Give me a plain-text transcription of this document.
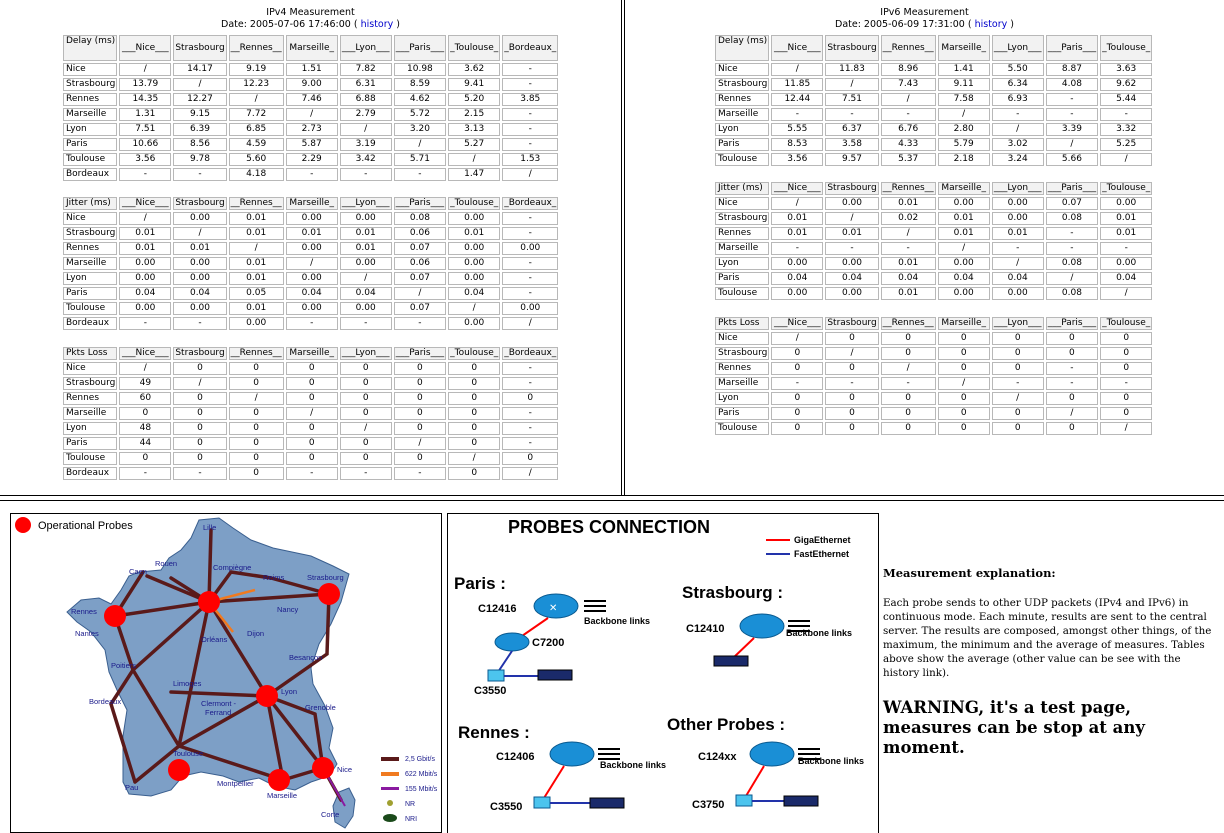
IPv4 Measurement
Date: 2005-07-06 17:46:00 ( history )
Delay (ms)	___Nice___	Strasbourg	__Rennes__	Marseille_	___Lyon___	___Paris___	_Toulouse_	_Bordeaux_
Nice	/	14.17	9.19	1.51	7.82	10.98	3.62	-
Strasbourg	13.79	/	12.23	9.00	6.31	8.59	9.41	-
Rennes	14.35	12.27	/	7.46	6.88	4.62	5.20	3.85
Marseille	1.31	9.15	7.72	/	2.79	5.72	2.15	-
Lyon	7.51	6.39	6.85	2.73	/	3.20	3.13	-
Paris	10.66	8.56	4.59	5.87	3.19	/	5.27	-
Toulouse	3.56	9.78	5.60	2.29	3.42	5.71	/	1.53
Bordeaux	-	-	4.18	-	-	-	1.47	/
Jitter (ms)	___Nice___	Strasbourg	__Rennes__	Marseille_	___Lyon___	___Paris___	_Toulouse_	_Bordeaux_
Nice	/	0.00	0.01	0.00	0.00	0.08	0.00	-
Strasbourg	0.01	/	0.01	0.01	0.01	0.06	0.01	-
Rennes	0.01	0.01	/	0.00	0.01	0.07	0.00	0.00
Marseille	0.00	0.00	0.01	/	0.00	0.06	0.00	-
Lyon	0.00	0.00	0.01	0.00	/	0.07	0.00	-
Paris	0.04	0.04	0.05	0.04	0.04	/	0.04	-
Toulouse	0.00	0.00	0.01	0.00	0.00	0.07	/	0.00
Bordeaux	-	-	0.00	-	-	-	0.00	/
Pkts Loss	___Nice___	Strasbourg	__Rennes__	Marseille_	___Lyon___	___Paris___	_Toulouse_	_Bordeaux_
Nice	/	0	0	0	0	0	0	-
Strasbourg	49	/	0	0	0	0	0	-
Rennes	60	0	/	0	0	0	0	0
Marseille	0	0	0	/	0	0	0	-
Lyon	48	0	0	0	/	0	0	-
Paris	44	0	0	0	0	/	0	-
Toulouse	0	0	0	0	0	0	/	0
Bordeaux	-	-	0	-	-	-	0	/
IPv6 Measurement
Date: 2005-06-09 17:31:00 ( history )
Delay (ms)	___Nice___	Strasbourg	__Rennes__	Marseille_	___Lyon___	___Paris___	_Toulouse_
Nice	/	11.83	8.96	1.41	5.50	8.87	3.63
Strasbourg	11.85	/	7.43	9.11	6.34	4.08	9.62
Rennes	12.44	7.51	/	7.58	6.93	-	5.44
Marseille	-	-	-	/	-	-	-
Lyon	5.55	6.37	6.76	2.80	/	3.39	3.32
Paris	8.53	3.58	4.33	5.79	3.02	/	5.25
Toulouse	3.56	9.57	5.37	2.18	3.24	5.66	/
Jitter (ms)	___Nice___	Strasbourg	__Rennes__	Marseille_	___Lyon___	___Paris___	_Toulouse_
Nice	/	0.00	0.01	0.00	0.00	0.07	0.00
Strasbourg	0.01	/	0.02	0.01	0.00	0.08	0.01
Rennes	0.01	0.01	/	0.01	0.01	-	0.01
Marseille	-	-	-	/	-	-	-
Lyon	0.00	0.00	0.01	0.00	/	0.08	0.00
Paris	0.04	0.04	0.04	0.04	0.04	/	0.04
Toulouse	0.00	0.00	0.01	0.00	0.00	0.08	/
Pkts Loss	___Nice___	Strasbourg	__Rennes__	Marseille_	___Lyon___	___Paris___	_Toulouse_
Nice	/	0	0	0	0	0	0
Strasbourg	0	/	0	0	0	0	0
Rennes	0	0	/	0	0	-	0
Marseille	-	-	-	/	-	-	-
Lyon	0	0	0	0	/	0	0
Paris	0	0	0	0	0	/	0
Toulouse	0	0	0	0	0	0	/
Operational Probes	Lille
Rouen
Caen	Compiègne
Reims	Strasbourg
Nancy
Rennes
Nantes
Orléans
Dijon
Besançon
Poitiers
Limoges
Clermont -
Ferrand
Lyon
Grenoble
Bordeaux
Toulouse
Montpellier
Marseille
Nice
Pau
Corte
2,5 Gbit/s
622 Mbit/s
155 Mbit/s
NR
NRI
PROBES CONNECTION
GigaEthernet
FastEthernet
Paris :
C12416	✕
Backbone links
C7200
C3550
Strasbourg :
C12410	Backbone links
Rennes :
C12406
Backbone links
C3550
Other Probes :
C124xx	Backbone links
C3750

Measurement explanation:

Each probe sends to other UDP packets (IPv4 and IPv6) in continuous mode. Each minute, results are sent to the central server. The results are composed, amongst other things, of the maximum, the minimum and the average of measures. Tables above show the average (other value can be see with the history link).

WARNING, it's a test page, measures can be stop at any moment.
